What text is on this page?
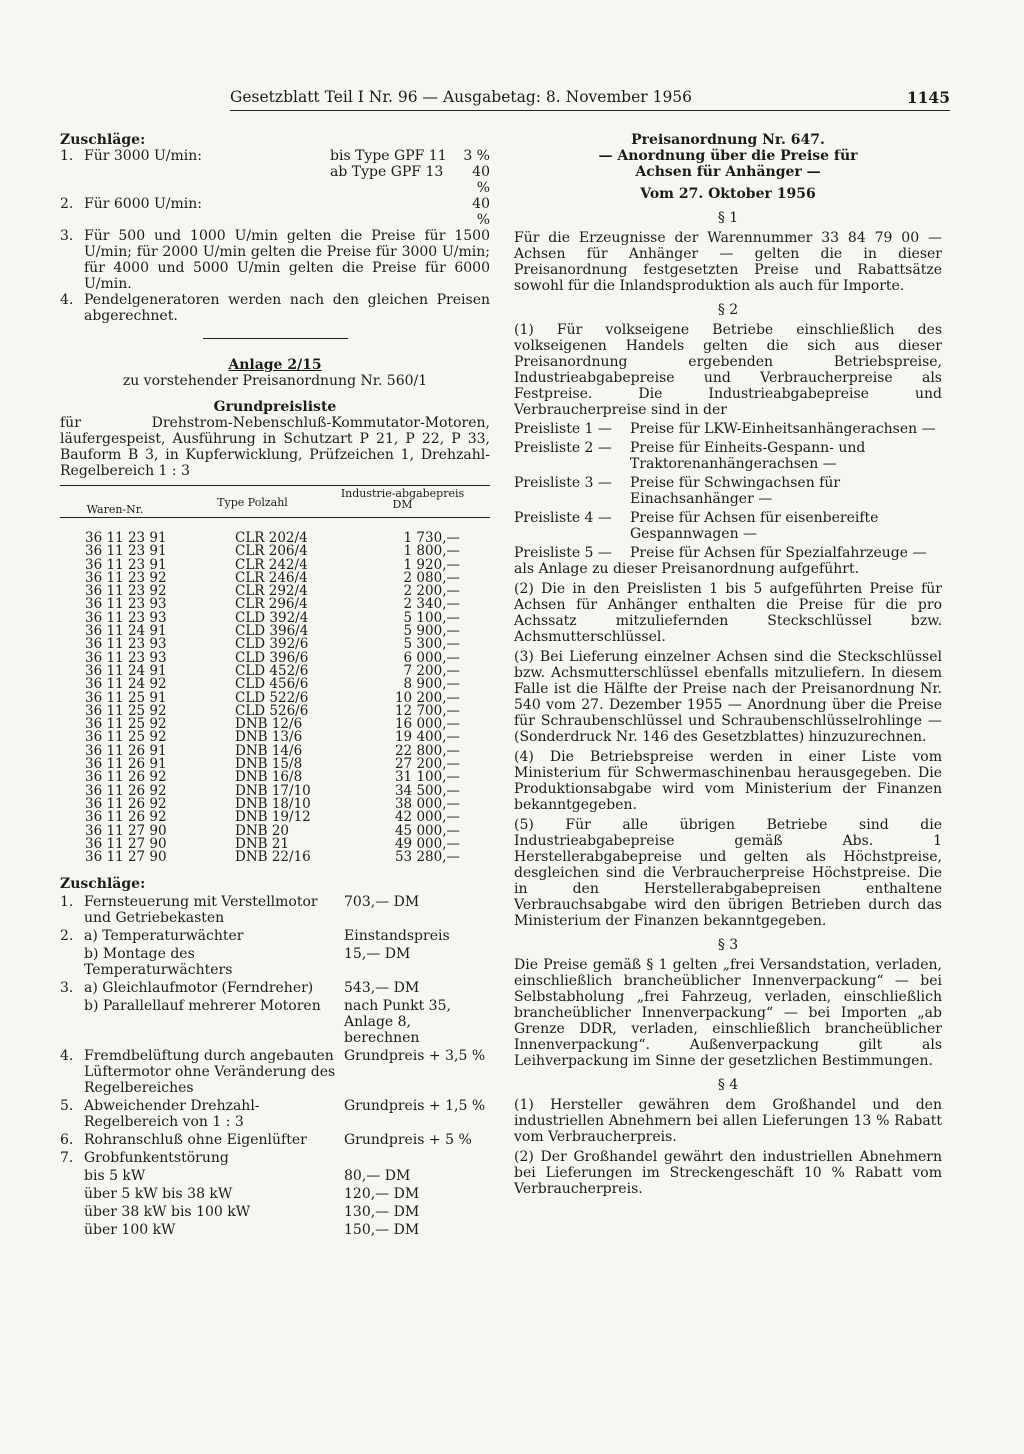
Gesetzblatt Teil I Nr. 96 — Ausgabetag: 8. November 1956	1145
Zuschläge:
1. Für 3000 U/min:	bis Type GPF 11	3 %
ab Type GPF 13	40 %
2. Für 6000 U/min:	40 %
3. Für 500 und 1000 U/min gelten die Preise für 1500 U/min; für 2000 U/min gelten die Preise für 3000 U/min; für 4000 und 5000 U/min gelten die Preise für 6000 U/min.
4. Pendelgeneratoren werden nach den gleichen Preisen abgerechnet.
Anlage 2/15
zu vorstehender Preisanordnung Nr. 560/1
Grundpreisliste
für Drehstrom-Nebenschluß-Kommutator-Motoren, läufergespeist, Ausführung in Schutzart P 21, P 22, P 33, Bauform B 3, in Kupferwicklung, Prüfzeichen 1, Drehzahl-Regelbereich 1 : 3
Waren-Nr.
Type Polzahl
Industrie-abgabepreis DM
36 11 23 91	CLR 202/4	1 730,—
36 11 23 91	CLR 206/4	1 800,—
36 11 23 91	CLR 242/4	1 920,—
36 11 23 92	CLR 246/4	2 080,—
36 11 23 92	CLR 292/4	2 200,—
36 11 23 93	CLR 296/4	2 340,—
36 11 23 93	CLD 392/4	5 100,—
36 11 24 91	CLD 396/4	5 900,—
36 11 23 93	CLD 392/6	5 300,—
36 11 23 93	CLD 396/6	6 000,—
36 11 24 91	CLD 452/6	7 200,—
36 11 24 92	CLD 456/6	8 900,—
36 11 25 91	CLD 522/6	10 200,—
36 11 25 92	CLD 526/6	12 700,—
36 11 25 92	DNB 12/6	16 000,—
36 11 25 92	DNB 13/6	19 400,—
36 11 26 91	DNB 14/6	22 800,—
36 11 26 91	DNB 15/8	27 200,—
36 11 26 92	DNB 16/8	31 100,—
36 11 26 92	DNB 17/10	34 500,—
36 11 26 92	DNB 18/10	38 000,—
36 11 26 92	DNB 19/12	42 000,—
36 11 27 90	DNB 20	45 000,—
36 11 27 90	DNB 21	49 000,—
36 11 27 90	DNB 22/16	53 280,—
Zuschläge:
1. Fernsteuerung mit Verstellmotor und Getriebekasten
703,— DM
2. a) Temperaturwächter	Einstandspreis
b) Montage des Temperaturwächters
15,— DM
3. a) Gleichlaufmotor (Ferndreher)	543,— DM
b) Parallellauf mehrerer Motoren	nach Punkt 35, Anlage 8, berechnen
4. Fremdbelüftung durch angebauten Lüftermotor ohne Veränderung des Regelbereiches
Grundpreis + 3,5 %
5. Abweichender Drehzahl-Regelbereich von 1 : 3
Grundpreis + 1,5 %
6. Rohranschluß ohne Eigenlüfter	Grundpreis + 5 %
7. Grobfunkentstörung
bis 5 kW	80,— DM
über 5 kW bis 38 kW	120,— DM
über 38 kW bis 100 kW	130,— DM
über 100 kW	150,— DM
Preisanordnung Nr. 647.
— Anordnung über die Preise für Achsen für Anhänger —
Vom 27. Oktober 1956
§ 1

Für die Erzeugnisse der Warennummer 33 84 79 00 — Achsen für Anhänger — gelten die in dieser Preisanordnung festgesetzten Preise und Rabattsätze sowohl für die Inlandsproduktion als auch für Importe.

§ 2

(1) Für volkseigene Betriebe einschließlich des volkseigenen Handels gelten die sich aus dieser Preisanordnung ergebenden Betriebspreise, Industrieabgabepreise und Verbraucherpreise als Festpreise. Die Industrieabgabepreise und Verbraucherpreise sind in der

Preisliste 1 —	Preise für LKW-Einheitsanhängerachsen —
Preisliste 2 —	Preise für Einheits-Gespann- und Traktorenanhängerachsen —
Preisliste 3 —	Preise für Schwingachsen für Einachsanhänger —
Preisliste 4 —	Preise für Achsen für eisenbereifte Gespannwagen —
Preisliste 5 —	Preise für Achsen für Spezialfahrzeuge —

als Anlage zu dieser Preisanordnung aufgeführt.

(2) Die in den Preislisten 1 bis 5 aufgeführten Preise für Achsen für Anhänger enthalten die Preise für die pro Achssatz mitzuliefernden Steckschlüssel bzw. Achsmutterschlüssel.

(3) Bei Lieferung einzelner Achsen sind die Steckschlüssel bzw. Achsmutterschlüssel ebenfalls mitzuliefern. In diesem Falle ist die Hälfte der Preise nach der Preisanordnung Nr. 540 vom 27. Dezember 1955 — Anordnung über die Preise für Schraubenschlüssel und Schraubenschlüsselrohlinge — (Sonderdruck Nr. 146 des Gesetzblattes) hinzuzurechnen.

(4) Die Betriebspreise werden in einer Liste vom Ministerium für Schwermaschinenbau herausgegeben. Die Produktionsabgabe wird vom Ministerium der Finanzen bekanntgegeben.

(5) Für alle übrigen Betriebe sind die Industrieabgabepreise gemäß Abs. 1 Herstellerabgabepreise und gelten als Höchstpreise, desgleichen sind die Verbraucherpreise Höchstpreise. Die in den Herstellerabgabepreisen enthaltene Verbrauchsabgabe wird den übrigen Betrieben durch das Ministerium der Finanzen bekanntgegeben.

§ 3

Die Preise gemäß § 1 gelten „frei Versandstation, verladen, einschließlich branchеüblicher Innenverpackung“ — bei Selbstabholung „frei Fahrzeug, verladen, einschließlich branchеüblicher Innenverpackung“ — bei Importen „ab Grenze DDR, verladen, einschließlich branchеüblicher Innenverpackung“. Außenverpackung gilt als Leihverpackung im Sinne der gesetzlichen Bestimmungen.

§ 4

(1) Hersteller gewähren dem Großhandel und den industriellen Abnehmern bei allen Lieferungen 13 % Rabatt vom Verbraucherpreis.

(2) Der Großhandel gewährt den industriellen Abnehmern bei Lieferungen im Streckengeschäft 10 % Rabatt vom Verbraucherpreis.
